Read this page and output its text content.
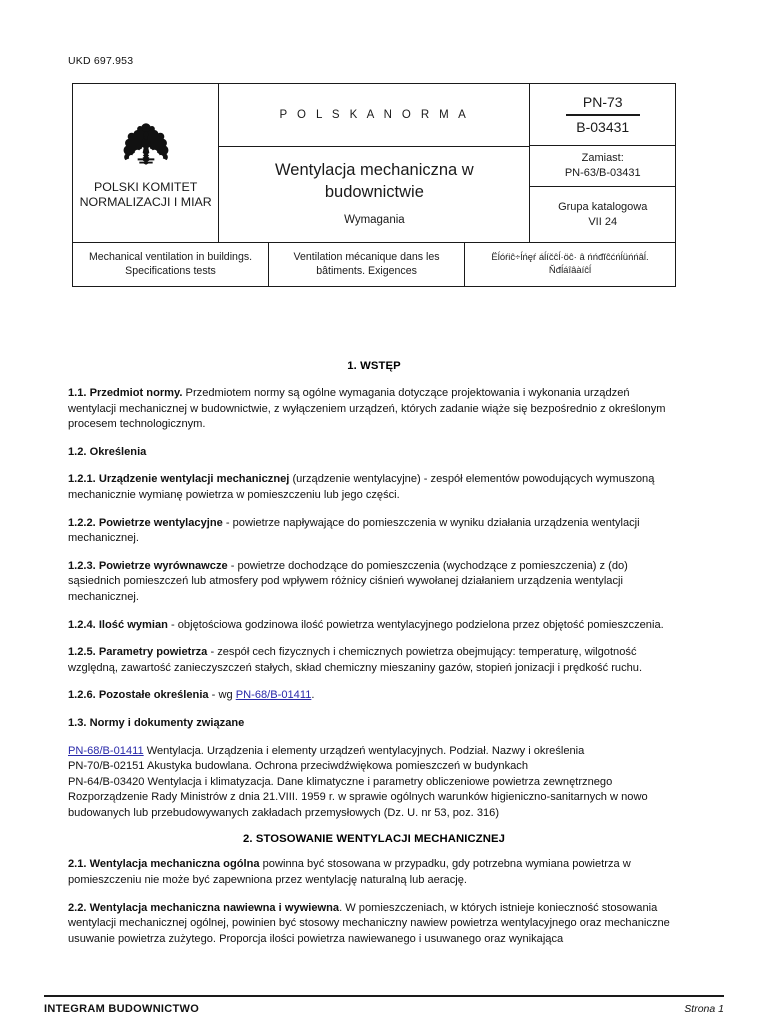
UKD 697.953
POLSKI KOMITET NORMALIZACJI I MIAR
P O L S K A N O R M A
Wentylacja mechaniczna w budownictwie
Wymagania
PN-73
B-03431
Zamiast:
PN-63/B-03431
Grupa katalogowa
VII 24
Mechanical ventilation in buildings. Specifications tests
Ventilation mécanique dans les bâtiments. Exigences
Ёĺóŕiĉ÷ĺńęŕ áĺíčĉĺ·öĉ· â ńńđĭĉćńĺüńńâĺ. Ňđĺáîâàíĉĺ
1. WSTĘP

1.1. Przedmiot normy. Przedmiotem normy są ogólne wymagania dotyczące projektowania i wykonania urządzeń wentylacji mechanicznej w budownictwie, z wyłączeniem urządzeń, których zadanie wiąże się bezpośrednio z określonym procesem technologicznym.

1.2. Określenia

1.2.1. Urządzenie wentylacji mechanicznej (urządzenie wentylacyjne) - zespół elementów powodujących wymuszoną mechanicznie wymianę powietrza w pomieszczeniu lub jego części.

1.2.2. Powietrze wentylacyjne - powietrze napływające do pomieszczenia w wyniku działania urządzenia wentylacji mechanicznej.

1.2.3. Powietrze wyrównawcze - powietrze dochodzące do pomieszczenia (wychodzące z pomieszczenia) z (do) sąsiednich pomieszczeń lub atmosfery pod wpływem różnicy ciśnień wywołanej działaniem urządzenia wentylacji mechanicznej.

1.2.4. Ilość wymian - objętościowa godzinowa ilość powietrza wentylacyjnego podzielona przez objętość pomieszczenia.

1.2.5. Parametry powietrza - zespół cech fizycznych i chemicznych powietrza obejmujący: temperaturę, wilgotność względną, zawartość zanieczyszczeń stałych, skład chemiczny mieszaniny gazów, stopień jonizacji i prędkość ruchu.

1.2.6. Pozostałe określenia - wg PN-68/B-01411.

1.3. Normy i dokumenty związane

PN-68/B-01411 Wentylacja. Urządzenia i elementy urządzeń wentylacyjnych. Podział. Nazwy i określenia
PN-70/B-02151 Akustyka budowlana. Ochrona przeciwdźwiękowa pomieszczeń w budynkach
PN-64/B-03420 Wentylacja i klimatyzacja. Dane klimatyczne i parametry obliczeniowe powietrza zewnętrznego
Rozporządzenie Rady Ministrów z dnia 21.VIII. 1959 r. w sprawie ogólnych warunków higieniczno-sanitarnych w nowo budowanych lub przebudowywanych zakładach przemysłowych (Dz. U. nr 53, poz. 316)
2. STOSOWANIE WENTYLACJI MECHANICZNEJ

2.1. Wentylacja mechaniczna ogólna powinna być stosowana w przypadku, gdy potrzebna wymiana powietrza w pomieszczeniu nie może być zapewniona przez wentylację naturalną lub aerację.

2.2. Wentylacja mechaniczna nawiewna i wywiewna. W pomieszczeniach, w których istnieje konieczność stosowania wentylacji mechanicznej ogólnej, powinien być stosowy mechaniczny nawiew powietrza wentylacyjnego oraz mechaniczne usuwanie powietrza zużytego. Proporcja ilości powietrza nawiewanego i usuwanego oraz wynikająca

INTEGRAM BUDOWNICTWO	Strona 1
